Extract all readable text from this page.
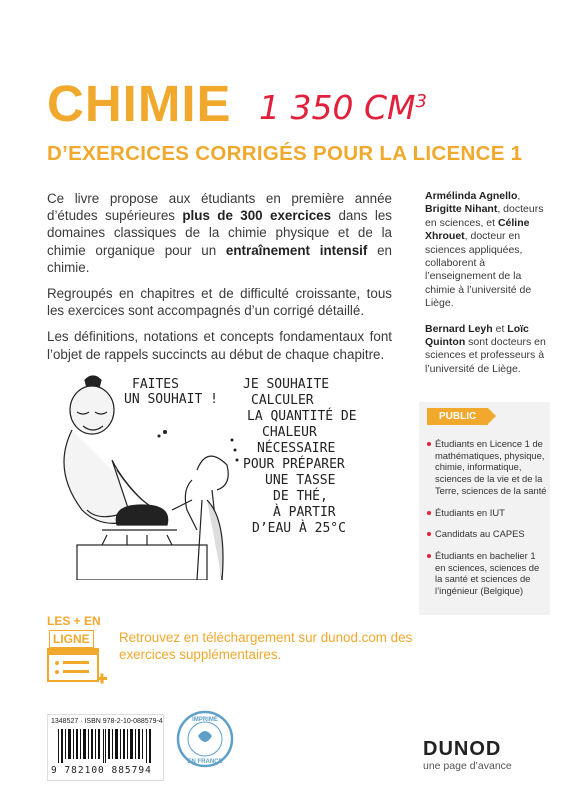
CHIMIE 1 350 $CM^3$
D’EXERCICES CORRIGÉS POUR LA LICENCE 1

Ce livre propose aux étudiants en première année d’études supérieures plus de 300 exercices dans les domaines classiques de la chimie physique et de la chimie organique pour un entraînement intensif en chimie.

Regroupés en chapitres et de difficulté croissante, tous les exercices sont accompagnés d’un corrigé détaillé.

Les définitions, notations et concepts fondamentaux font l’objet de rappels succincts au début de chaque chapitre.

Armélinda Agnello, Brigitte Nihant, docteurs en sciences, et Céline Xhrouet, docteur en sciences appliquées, collaborent à l’enseignement de la chimie à l’université de Liège.

Bernard Leyh et Loïc Quinton sont docteurs en sciences et professeurs à l’université de Liège.

PUBLIC
Étudiants en Licence 1 de mathématiques, physique, chimie, informatique, sciences de la vie et de la Terre, sciences de la santé
Étudiants en IUT
Candidats au CAPES
Étudiants en bachelier 1 en sciences, sciences de la santé et sciences de l’ingénieur (Belgique)
FAITES
UN SOUHAIT !
JE SOUHAITE
CALCULER
LA QUANTITÉ DE
CHALEUR
NÉCESSAIRE
POUR PRÉPARER
UNE TASSE
DE THÉ,
À PARTIR
D’EAU À 25°C
LES + EN
LIGNE Retrouvez en téléchargement sur dunod.com des exercices supplémentaires.
1348527 · ISBN 978-2-10-088579-4
9 782100 885794
IMPRIMÉ
EN FRANCE
DUNOD
une page d’avance
